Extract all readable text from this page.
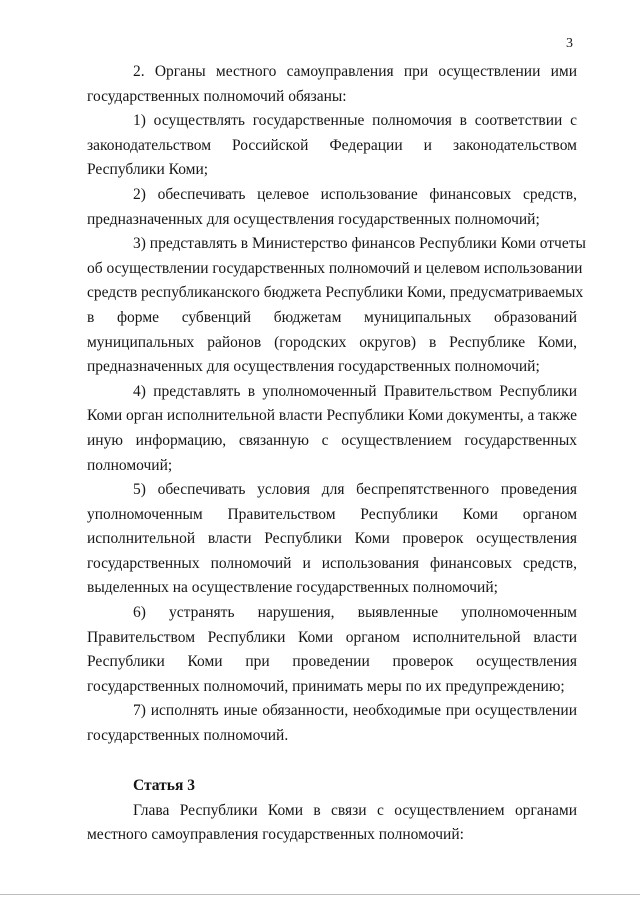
3
2. Органы местного самоуправления при осуществлении ими
государственных полномочий обязаны:
1) осуществлять государственные полномочия в соответствии с
законодательством Российской Федерации и законодательством
Республики Коми;
2) обеспечивать целевое использование финансовых средств,
предназначенных для осуществления государственных полномочий;
3) представлять в Министерство финансов Республики Коми отчеты
об осуществлении государственных полномочий и целевом использовании
средств республиканского бюджета Республики Коми, предусматриваемых
в форме субвенций бюджетам муниципальных образований
муниципальных районов (городских округов) в Республике Коми,
предназначенных для осуществления государственных полномочий;
4) представлять в уполномоченный Правительством Республики
Коми орган исполнительной власти Республики Коми документы, а также
иную информацию, связанную с осуществлением государственных
полномочий;
5) обеспечивать условия для беспрепятственного проведения
уполномоченным Правительством Республики Коми органом
исполнительной власти Республики Коми проверок осуществления
государственных полномочий и использования финансовых средств,
выделенных на осуществление государственных полномочий;
6) устранять нарушения, выявленные уполномоченным
Правительством Республики Коми органом исполнительной власти
Республики Коми при проведении проверок осуществления
государственных полномочий, принимать меры по их предупреждению;
7) исполнять иные обязанности, необходимые при осуществлении
государственных полномочий.
Статья 3
Глава Республики Коми в связи с осуществлением органами
местного самоуправления государственных полномочий:
